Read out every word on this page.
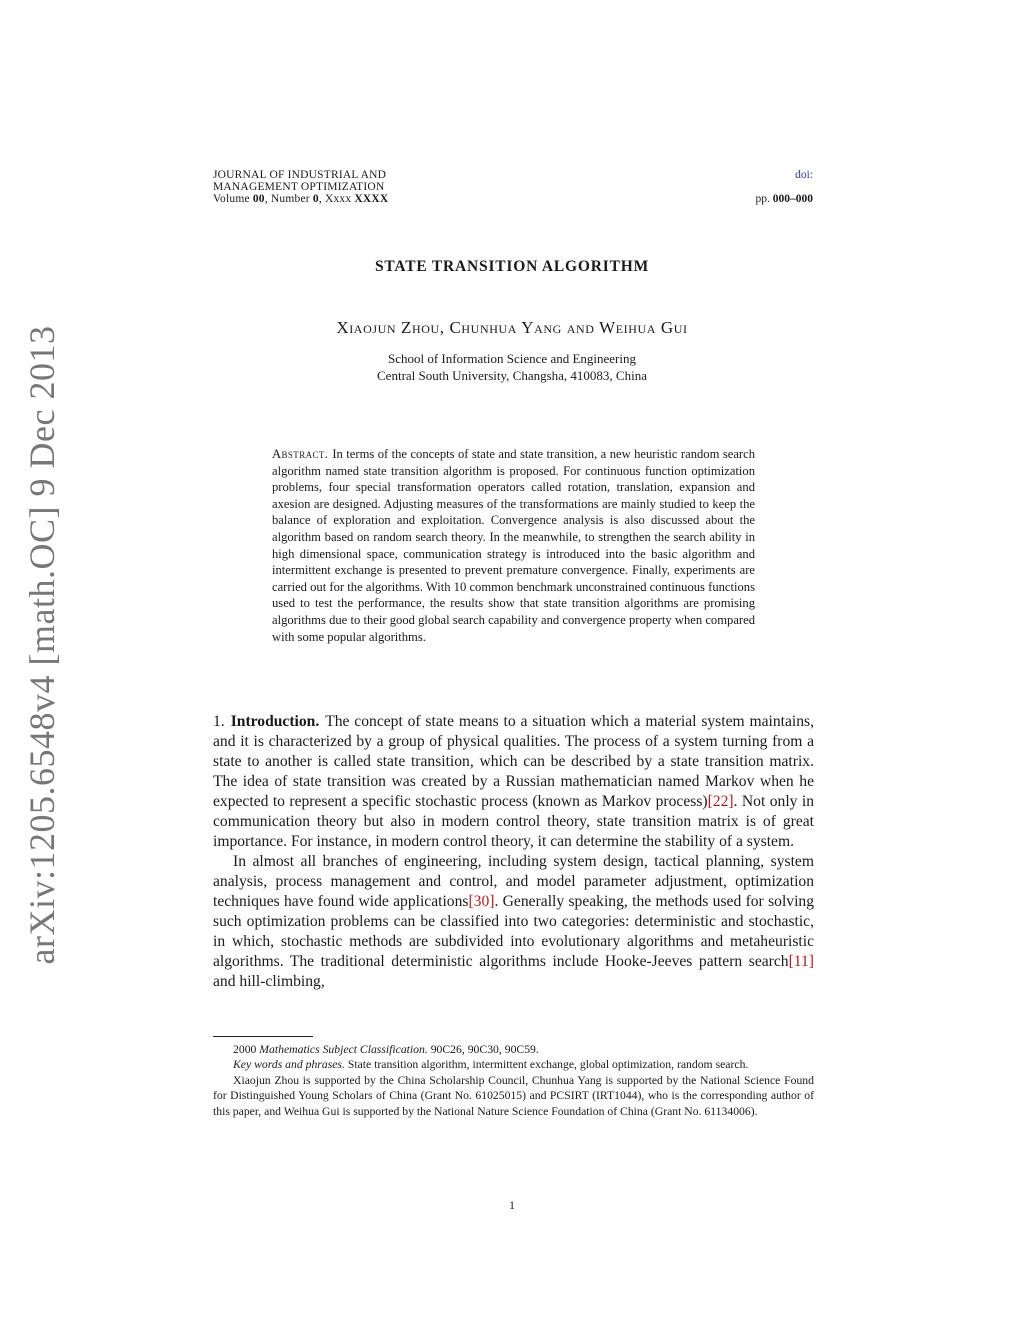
arXiv:1205.6548v4 [math.OC] 9 Dec 2013
JOURNAL OF INDUSTRIAL AND
MANAGEMENT OPTIMIZATION
Volume 00, Number 0, Xxxx XXXX
doi:
pp. 000–000
STATE TRANSITION ALGORITHM
Xiaojun Zhou, Chunhua Yang and Weihua Gui
School of Information Science and Engineering
Central South University, Changsha, 410083, China
Abstract. In terms of the concepts of state and state transition, a new heuristic random search algorithm named state transition algorithm is proposed. For continuous function optimization problems, four special transformation operators called rotation, translation, expansion and axesion are designed. Adjusting measures of the transformations are mainly studied to keep the balance of exploration and exploitation. Convergence analysis is also discussed about the algorithm based on random search theory. In the meanwhile, to strengthen the search ability in high dimensional space, communication strategy is introduced into the basic algorithm and intermittent exchange is presented to prevent premature convergence. Finally, experiments are carried out for the algorithms. With 10 common benchmark unconstrained continuous functions used to test the performance, the results show that state transition algorithms are promising algorithms due to their good global search capability and convergence property when compared with some popular algorithms.

1. Introduction. The concept of state means to a situation which a material system maintains, and it is characterized by a group of physical qualities. The process of a system turning from a state to another is called state transition, which can be described by a state transition matrix. The idea of state transition was created by a Russian mathematician named Markov when he expected to represent a specific stochastic process (known as Markov process)[22]. Not only in communication theory but also in modern control theory, state transition matrix is of great importance. For instance, in modern control theory, it can determine the stability of a system.

In almost all branches of engineering, including system design, tactical planning, system analysis, process management and control, and model parameter adjustment, optimization techniques have found wide applications[30]. Generally speaking, the methods used for solving such optimization problems can be classified into two categories: deterministic and stochastic, in which, stochastic methods are subdivided into evolutionary algorithms and metaheuristic algorithms. The traditional deterministic algorithms include Hooke-Jeeves pattern search[11] and hill-climbing,

2000 Mathematics Subject Classification. 90C26, 90C30, 90C59.

Key words and phrases. State transition algorithm, intermittent exchange, global optimization, random search.

Xiaojun Zhou is supported by the China Scholarship Council, Chunhua Yang is supported by the National Science Found for Distinguished Young Scholars of China (Grant No. 61025015) and PCSIRT (IRT1044), who is the corresponding author of this paper, and Weihua Gui is supported by the National Nature Science Foundation of China (Grant No. 61134006).

1
